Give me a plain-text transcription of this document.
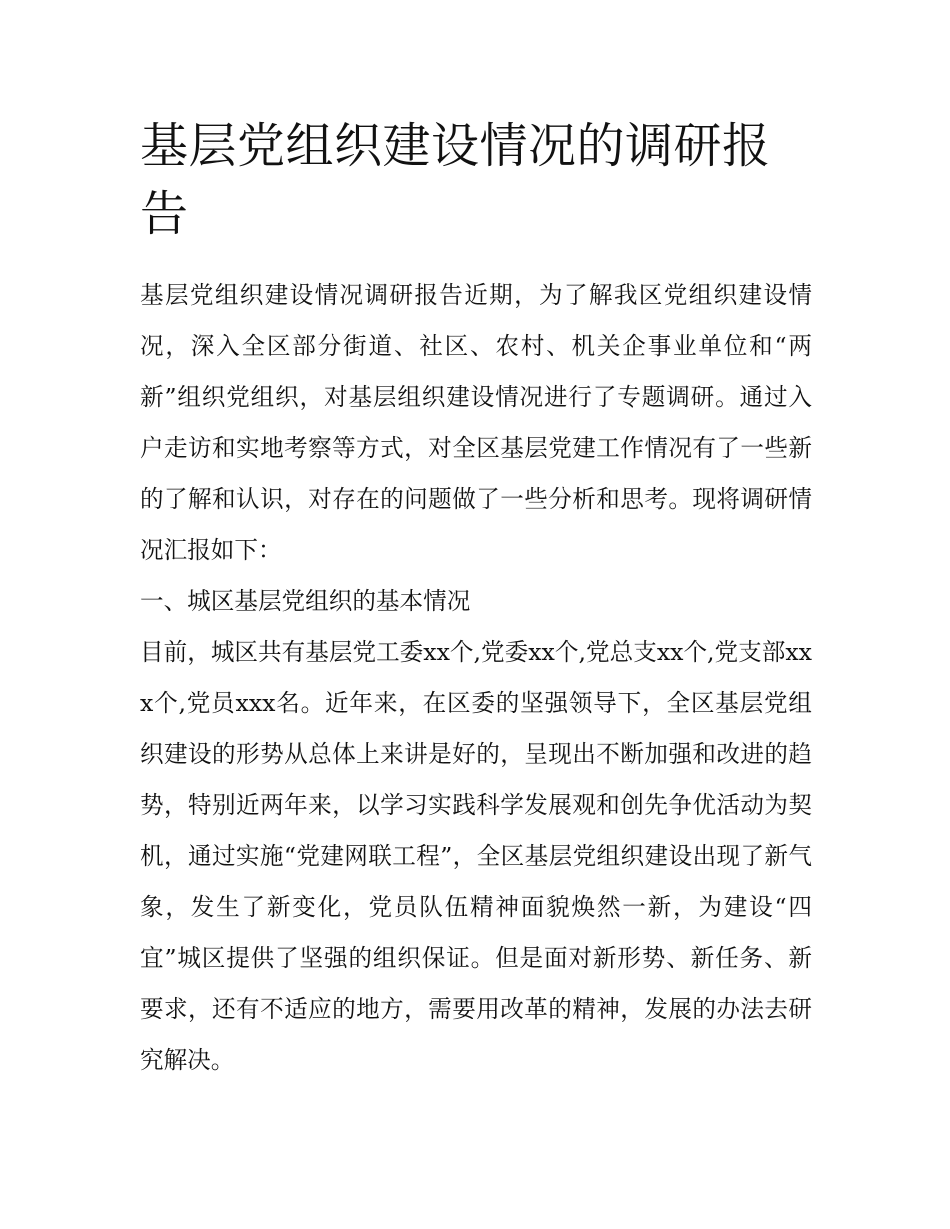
基层党组织建设情况的调研报告

基层党组织建设情况调研报告近期，为了解我区党组织建设情况，深入全区部分街道、社区、农村、机关企事业单位和“两新”组织党组织，对基层组织建设情况进行了专题调研。通过入户走访和实地考察等方式，对全区基层党建工作情况有了一些新的了解和认识，对存在的问题做了一些分析和思考。现将调研情况汇报如下：

一、城区基层党组织的基本情况

目前，城区共有基层党工委xx个,党委xx个,党总支xx个,党支部xxx个,党员xxx名。近年来，在区委的坚强领导下，全区基层党组织建设的形势从总体上来讲是好的，呈现出不断加强和改进的趋势，特别近两年来，以学习实践科学发展观和创先争优活动为契机，通过实施“党建网联工程”，全区基层党组织建设出现了新气象，发生了新变化，党员队伍精神面貌焕然一新，为建设“四宜”城区提供了坚强的组织保证。但是面对新形势、新任务、新要求，还有不适应的地方，需要用改革的精神，发展的办法去研究解决。
